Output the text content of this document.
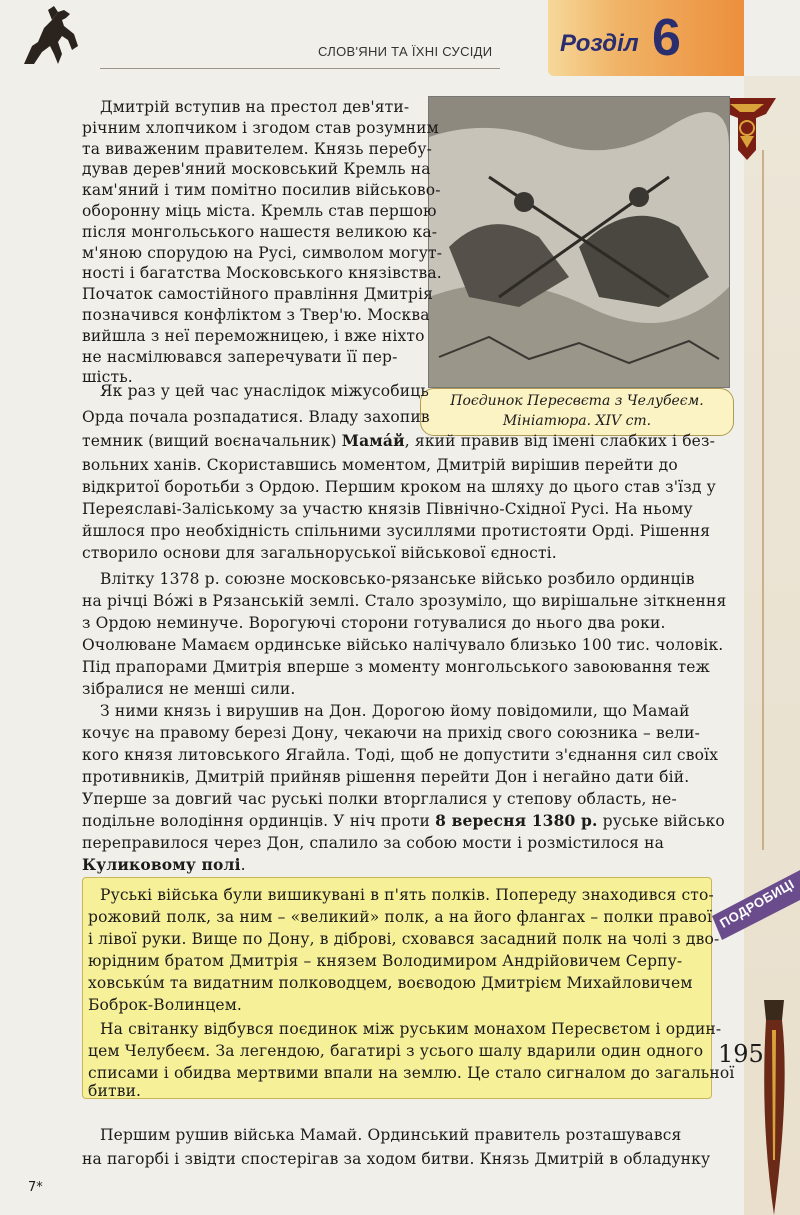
СЛОВ'ЯНИ ТА ЇХНІ СУСІДИ	Розділ 6
Поєдинок Пересвєта з Челубеєм.
Мініатюра. XIV ст.
Дмитрій вступив на престол дев'яти-
річним хлопчиком і згодом став розумним
та виваженим правителем. Князь перебу-
дував дерев'яний московський Кремль на
кам'яний і тим помітно посилив військово-
оборонну міць міста. Кремль став першою
після монгольського нашестя великою ка-
м'яною спорудою на Русі, символом могут-
ності і багатства Московського князівства.
Початок самостійного правління Дмитрія
позначився конфліктом з Твер'ю. Москва
вийшла з неї переможницею, і вже ніхто
не насмілювався заперечувати її пер-
шість.
Як раз у цей час унаслідок міжусобиць
Орда почала розпадатися. Владу захопив
темник (вищий воєначальник) Мамáй, який правив від імені слабких і без-
вольних ханів. Скориставшись моментом, Дмитрій вирішив перейти до
відкритої боротьби з Ордою. Першим кроком на шляху до цього став з'їзд у
Переяславі-Заліському за участю князів Північно-Східної Русі. На ньому
йшлося про необхідність спільними зусиллями протистояти Орді. Рішення
створило основи для загальноруської військової єдності.
Влітку 1378 р. союзне московсько-рязанське військо розбило ординців
на річці Вóжі в Рязанській землі. Стало зрозуміло, що вирішальне зіткнення
з Ордою неминуче. Ворогуючі сторони готувалися до нього два роки.
Очолюване Мамаєм ординське військо налічувало близько 100 тис. чоловік.
Під прапорами Дмитрія вперше з моменту монгольського завоювання теж
зібралися не менші сили.
З ними князь і вирушив на Дон. Дорогою йому повідомили, що Мамай
кочує на правому березі Дону, чекаючи на прихід свого союзника – вели-
кого князя литовського Ягайла. Тоді, щоб не допустити з'єднання сил своїх
противників, Дмитрій прийняв рішення перейти Дон і негайно дати бій.
ПОДРОБИЦІ
Руські війська були вишикувані в п'ять полків. Попереду знаходився сто-
рожовий полк, за ним – «великий» полк, а на його флангах – полки правої
і лівої руки. Вище по Дону, в діброві, сховався засадний полк на чолі з дво-
юрідним братом Дмитрія – князем Володимиром Андрійовичем Серпу-
ховськúм та видатним полководцем, воєводою Дмитрієм Михайловичем
Боброк-Волинцем.
На світанку відбувся поєдинок між руським монахом Пересвєтом і ордин-
цем Челубеєм. За легендою, багатирі з усього шалу вдарили один одного
списами і обидва мертвими впали на землю. Це стало сигналом до загальної
Першим рушив війська Мамай. Ординський правитель розташувався
на пагорбі і звідти спостерігав за ходом битви. Князь Дмитрій в обладунку
195
7*
Уперше за довгий час руські полки вторглалися у степову область, не-
подільне володіння ординців. У ніч проти 8 вересня 1380 р. руське військо
переправилося через Дон, спалило за собою мости і розмістилося на
Куликовому полі.
битви.
